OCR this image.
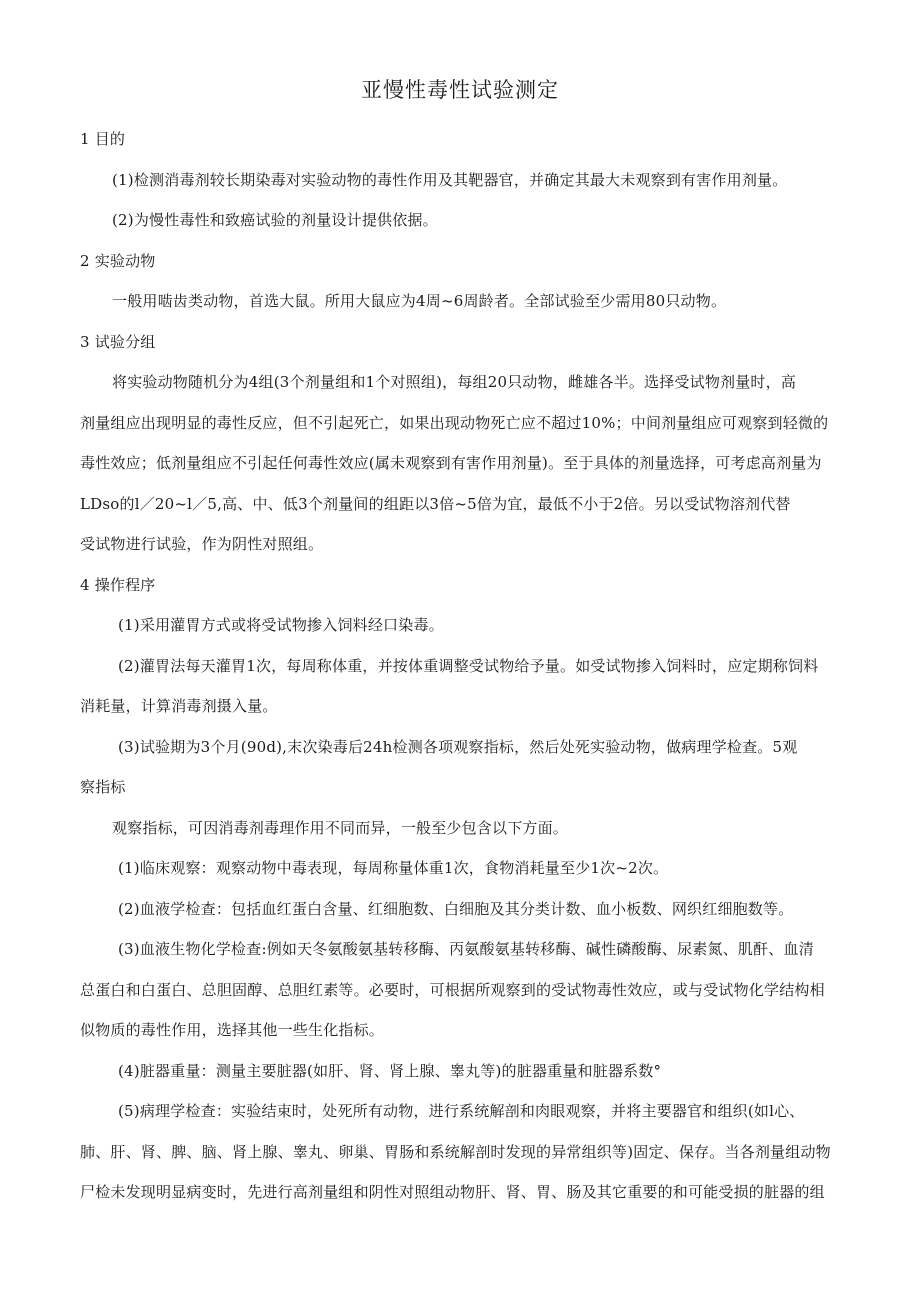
亚慢性毒性试验测定

1 目的

(1)检测消毒剂较长期染毒对实验动物的毒性作用及其靶器官，并确定其最大未观察到有害作用剂量。

(2)为慢性毒性和致癌试验的剂量设计提供依据。

2 实验动物

一般用啮齿类动物，首选大鼠。所用大鼠应为4周~6周龄者。全部试验至少需用80只动物。

3 试验分组

将实验动物随机分为4组(3个剂量组和1个对照组)，每组20只动物，雌雄各半。选择受试物剂量时，高

剂量组应出现明显的毒性反应，但不引起死亡，如果出现动物死亡应不超过10%；中间剂量组应可观察到轻微的

毒性效应；低剂量组应不引起任何毒性效应(属未观察到有害作用剂量)。至于具体的剂量选择，可考虑高剂量为

LDso的l／20~l／5,高、中、低3个剂量间的组距以3倍~5倍为宜，最低不小于2倍。另以受试物溶剂代替

受试物进行试验，作为阴性对照组。

4 操作程序

(1)采用灌胃方式或将受试物掺入饲料经口染毒。

(2)灌胃法每天灌胃1次，每周称体重，并按体重调整受试物给予量。如受试物掺入饲料时，应定期称饲料

消耗量，计算消毒剂摄入量。

(3)试验期为3个月(90d),末次染毒后24h检测各项观察指标，然后处死实验动物，做病理学检查。5观

察指标

观察指标，可因消毒剂毒理作用不同而异，一般至少包含以下方面。

(1)临床观察：观察动物中毒表现，每周称量体重1次，食物消耗量至少1次~2次。

(2)血液学检查：包括血红蛋白含量、红细胞数、白细胞及其分类计数、血小板数、网织红细胞数等。

(3)血液生物化学检查:例如天冬氨酸氨基转移酶、丙氨酸氨基转移酶、碱性磷酸酶、尿素氮、肌酐、血清

总蛋白和白蛋白、总胆固醇、总胆红素等。必要时，可根据所观察到的受试物毒性效应，或与受试物化学结构相

似物质的毒性作用，选择其他一些生化指标。

(4)脏器重量：测量主要脏器(如肝、肾、肾上腺、睾丸等)的脏器重量和脏器系数°

(5)病理学检查：实验结束时，处死所有动物，进行系统解剖和肉眼观察，并将主要器官和组织(如l心、

肺、肝、肾、脾、脑、肾上腺、睾丸、卵巢、胃肠和系统解剖时发现的异常组织等)固定、保存。当各剂量组动物

尸检未发现明显病变时，先进行高剂量组和阴性对照组动物肝、肾、胃、肠及其它重要的和可能受损的脏器的组
